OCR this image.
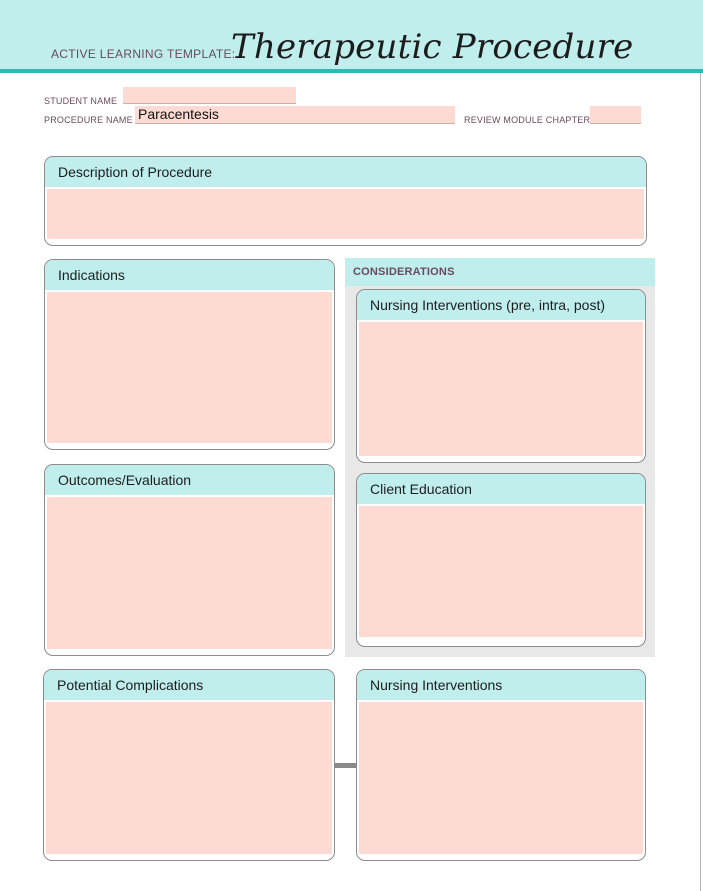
ACTIVE LEARNING TEMPLATE:
Therapeutic Procedure
STUDENT NAME
PROCEDURE NAME Paracentesis	REVIEW MODULE CHAPTER
Description of Procedure
Indications
Outcomes/Evaluation
CONSIDERATIONS
Nursing Interventions (pre, intra, post)
Client Education
Potential Complications	Nursing Interventions
